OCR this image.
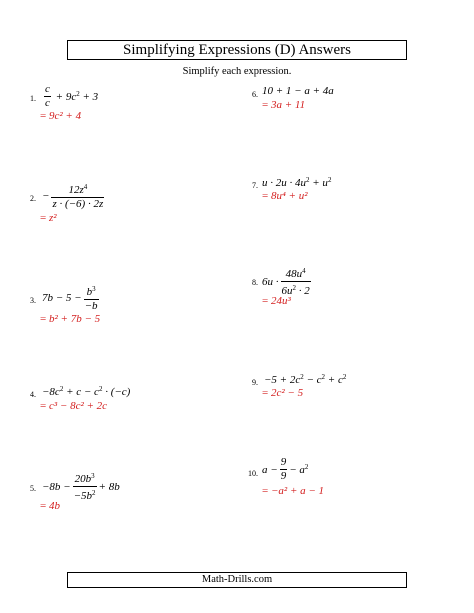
Simplifying Expressions (D) Answers
Simplify each expression.
1. $\frac{c}{c} + 9c^2 + 3$
= 9c² + 4
2. − $\frac{12z^4}{z \cdot (-6) \cdot 2z}$
= z²
3. $7b - 5 - \frac{b^3}{-b}$
= b² + 7b − 5
4. $-8c^2 + c - c^2 \cdot (-c)$
= c³ − 8c² + 2c
5. $-8b - \frac{20b^3}{-5b^2} + 8b$
= 4b
6. 10 + 1 − a + 4a
= 3a + 11
7. $u \cdot 2u \cdot 4u^2 + u^2$
= 8u⁴ + u²
8. $6u \cdot \frac{48u^4}{6u^2 \cdot 2}$
= 24u³
9. $-5 + 2c^2 - c^2 + c^2$
= 2c² − 5
10. $a - \frac{9}{9} - a^2$
= −a² + a − 1
Math-Drills.com
